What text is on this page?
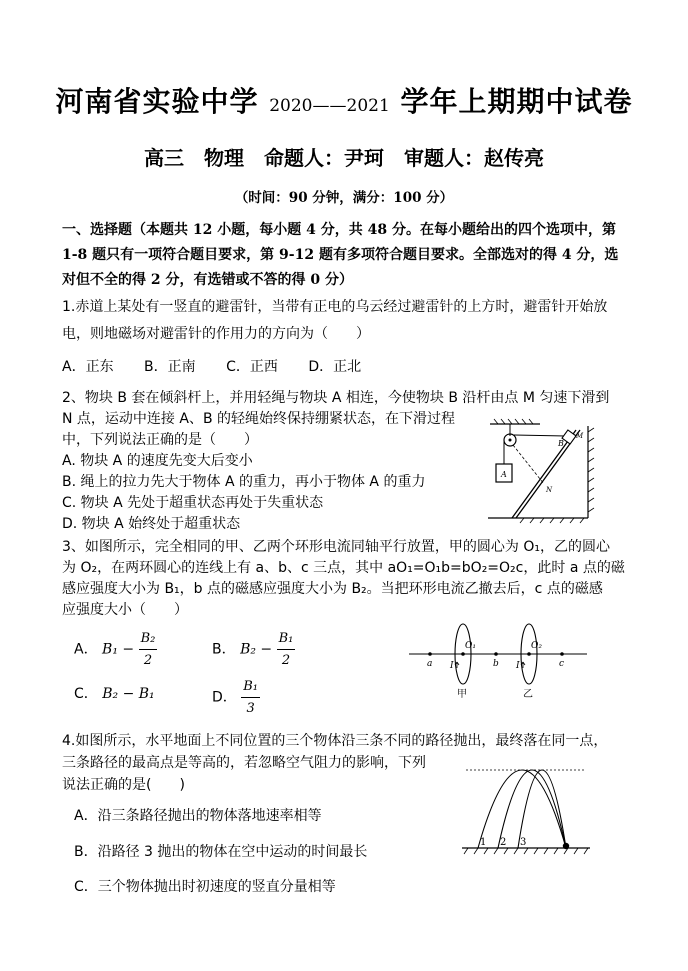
河南省实验中学 2020——2021 学年上期期中试卷
高三　物理　命题人：尹珂　审题人：赵传亮
（时间：90 分钟，满分：100 分）
一、选择题（本题共 12 小题，每小题 4 分，共 48 分。在每小题给出的四个选项中，第 1-8 题只有一项符合题目要求，第 9-12 题有多项符合题目要求。全部选对的得 4 分，选对但不全的得 2 分，有选错或不答的得 0 分）
1.赤道上某处有一竖直的避雷针，当带有正电的乌云经过避雷针的上方时，避雷针开始放电，则地磁场对避雷针的作用力的方向为（　　）
A．正东 B．正南 C．正西 D．正北
2、物块 B 套在倾斜杆上，并用轻绳与物块 A 相连，今使物块 B 沿杆由点 M 匀速下滑到
N 点，运动中连接 A、B 的轻绳始终保持绷紧状态，在下滑过程
中，下列说法正确的是（　　）
A. 物块 A 的速度先变大后变小
B. 绳上的拉力先大于物体 A 的重力，再小于物体 A 的重力
C. 物块 A 先处于超重状态再处于失重状态
D. 物块 A 始终处于超重状态
A
B
M
N
3、如图所示，完全相同的甲、乙两个环形电流同轴平行放置，甲的圆心为 O₁，乙的圆心
为 O₂，在两环圆心的连线上有 a、b、c 三点，其中 aO₁=O₁b=bO₂=O₂c，此时 a 点的磁
感应强度大小为 B₁，b 点的磁感应强度大小为 B₂。当把环形电流乙撤去后，c 点的磁感
应强度大小（　　）
A． $B_1 - \frac{\text{B₂}}{2}$	B． $B_2 - \frac{\text{B₁}}{2}$
C． B₂ − B₁	D． $\frac{\text{B₁}}{3}$
a
O₁
b
O₂
c
I	I
甲	乙
4.如图所示，水平地面上不同位置的三个物体沿三条不同的路径抛出，最终落在同一点，
三条路径的最高点是等高的，若忽略空气阻力的影响，下列
说法正确的是(　　)
A．沿三条路径抛出的物体落地速率相等
B．沿路径 3 抛出的物体在空中运动的时间最长
C．三个物体抛出时初速度的竖直分量相等
1 2 3
